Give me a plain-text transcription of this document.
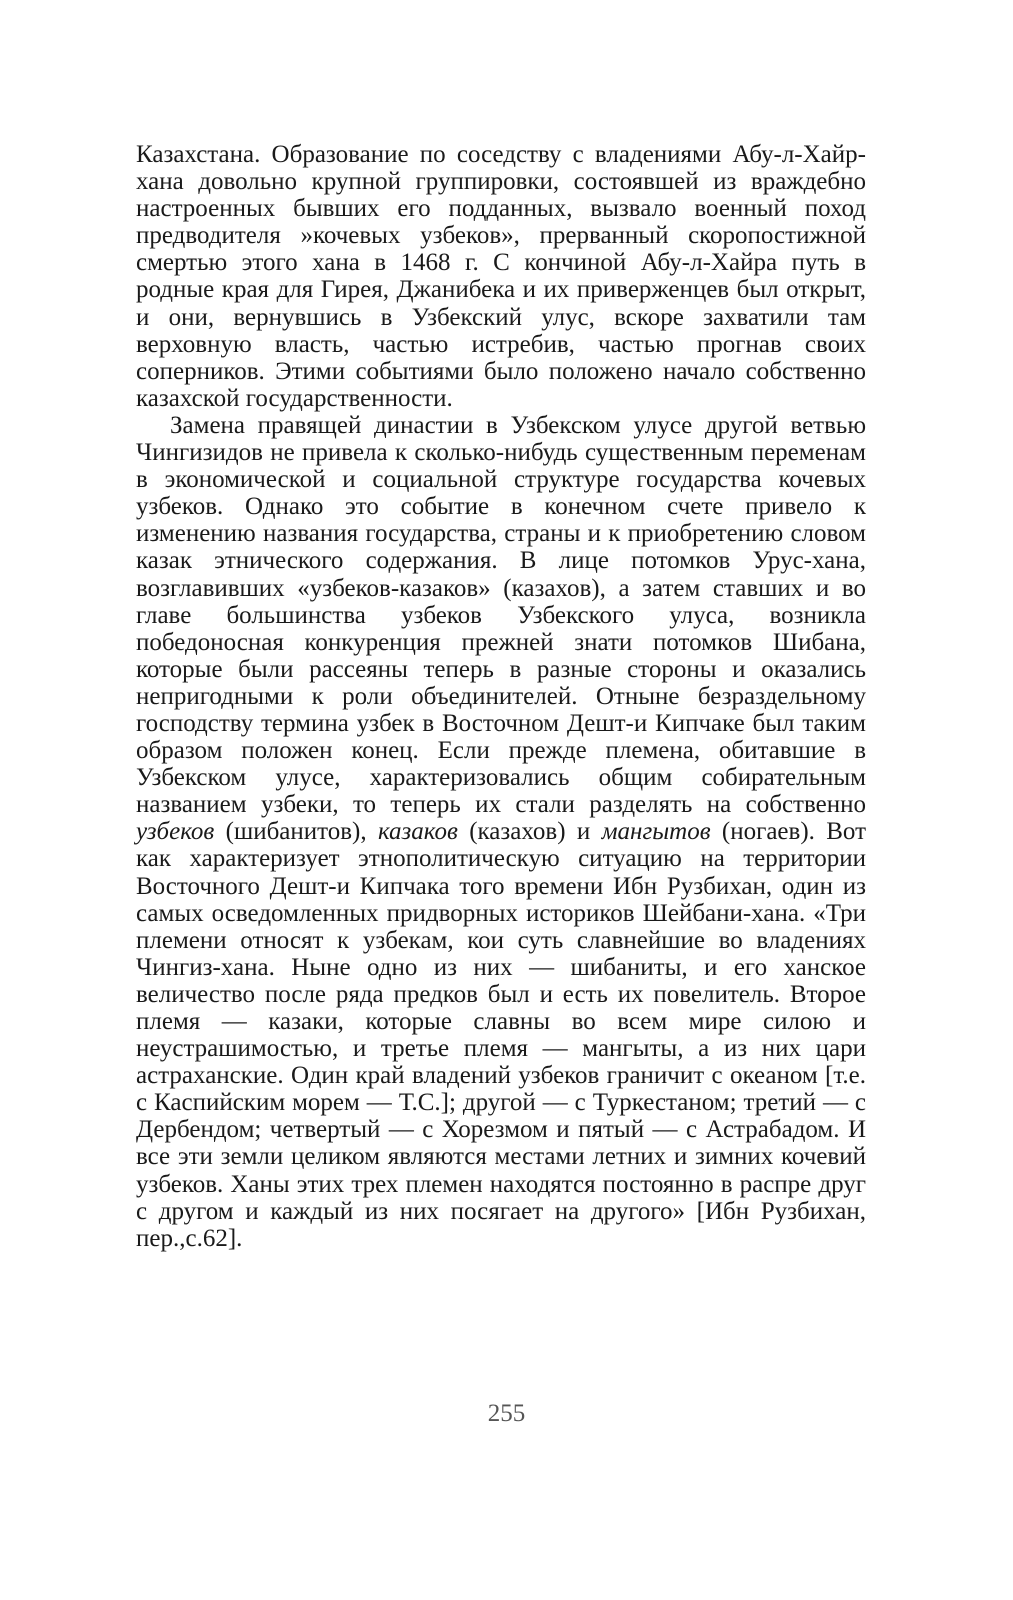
Казахстана. Образование по соседству с владениями Абу-л-Хайр-хана довольно крупной группировки, состоявшей из враждебно настроенных бывших его подданных, вызвало военный поход предводителя »кочевых узбеков», прерванный скоропостижной смертью этого хана в 1468 г. С кончиной Абу-л-Хайра путь в родные края для Гирея, Джанибека и их приверженцев был открыт, и они, вернувшись в Узбекский улус, вскоре захватили там верховную власть, частью истребив, частью прогнав своих соперников. Этими событиями было положено начало собственно казахской государственности.

Замена правящей династии в Узбекском улусе другой ветвью Чингизидов не привела к сколько-нибудь существенным переменам в экономической и социальной структуре государства кочевых узбеков. Однако это событие в конечном счете привело к изменению названия государства, страны и к приобретению словом казак этнического содержания. В лице потомков Урус-хана, возглавивших «узбеков-казаков» (казахов), а затем ставших и во главе большинства узбеков Узбекского улуса, возникла победоносная конкуренция прежней знати потомков Шибана, которые были рассеяны теперь в разные стороны и оказались непригодными к роли объединителей. Отныне безраздельному господству термина узбек в Восточном Дешт-и Кипчаке был таким образом положен конец. Если прежде племена, обитавшие в Узбекском улусе, характеризовались общим собирательным названием узбеки, то теперь их стали разделять на собственно узбеков (шибанитов), казаков (казахов) и мангытов (ногаев). Вот как характеризует этнополитическую ситуацию на территории Восточного Дешт-и Кипчака того времени Ибн Рузбихан, один из самых осведомленных придворных историков Шейбани-хана. «Три племени относят к узбекам, кои суть славнейшие во владениях Чингиз-хана. Ныне одно из них — шибаниты, и его ханское величество после ряда предков был и есть их повелитель. Второе племя — казаки, которые славны во всем мире силою и неустрашимостью, и третье племя — мангыты, а из них цари астраханские. Один край владений узбеков граничит с океаном [т.е. с Каспийским морем — Т.С.]; другой — с Туркестаном; третий — с Дербендом; четвертый — с Хорезмом и пятый — с Астрабадом. И все эти земли целиком являются местами летних и зимних кочевий узбеков. Ханы этих трех племен находятся постоянно в распре друг с другом и каждый из них посягает на другого» [Ибн Рузбихан, пер.,с.62].

255
